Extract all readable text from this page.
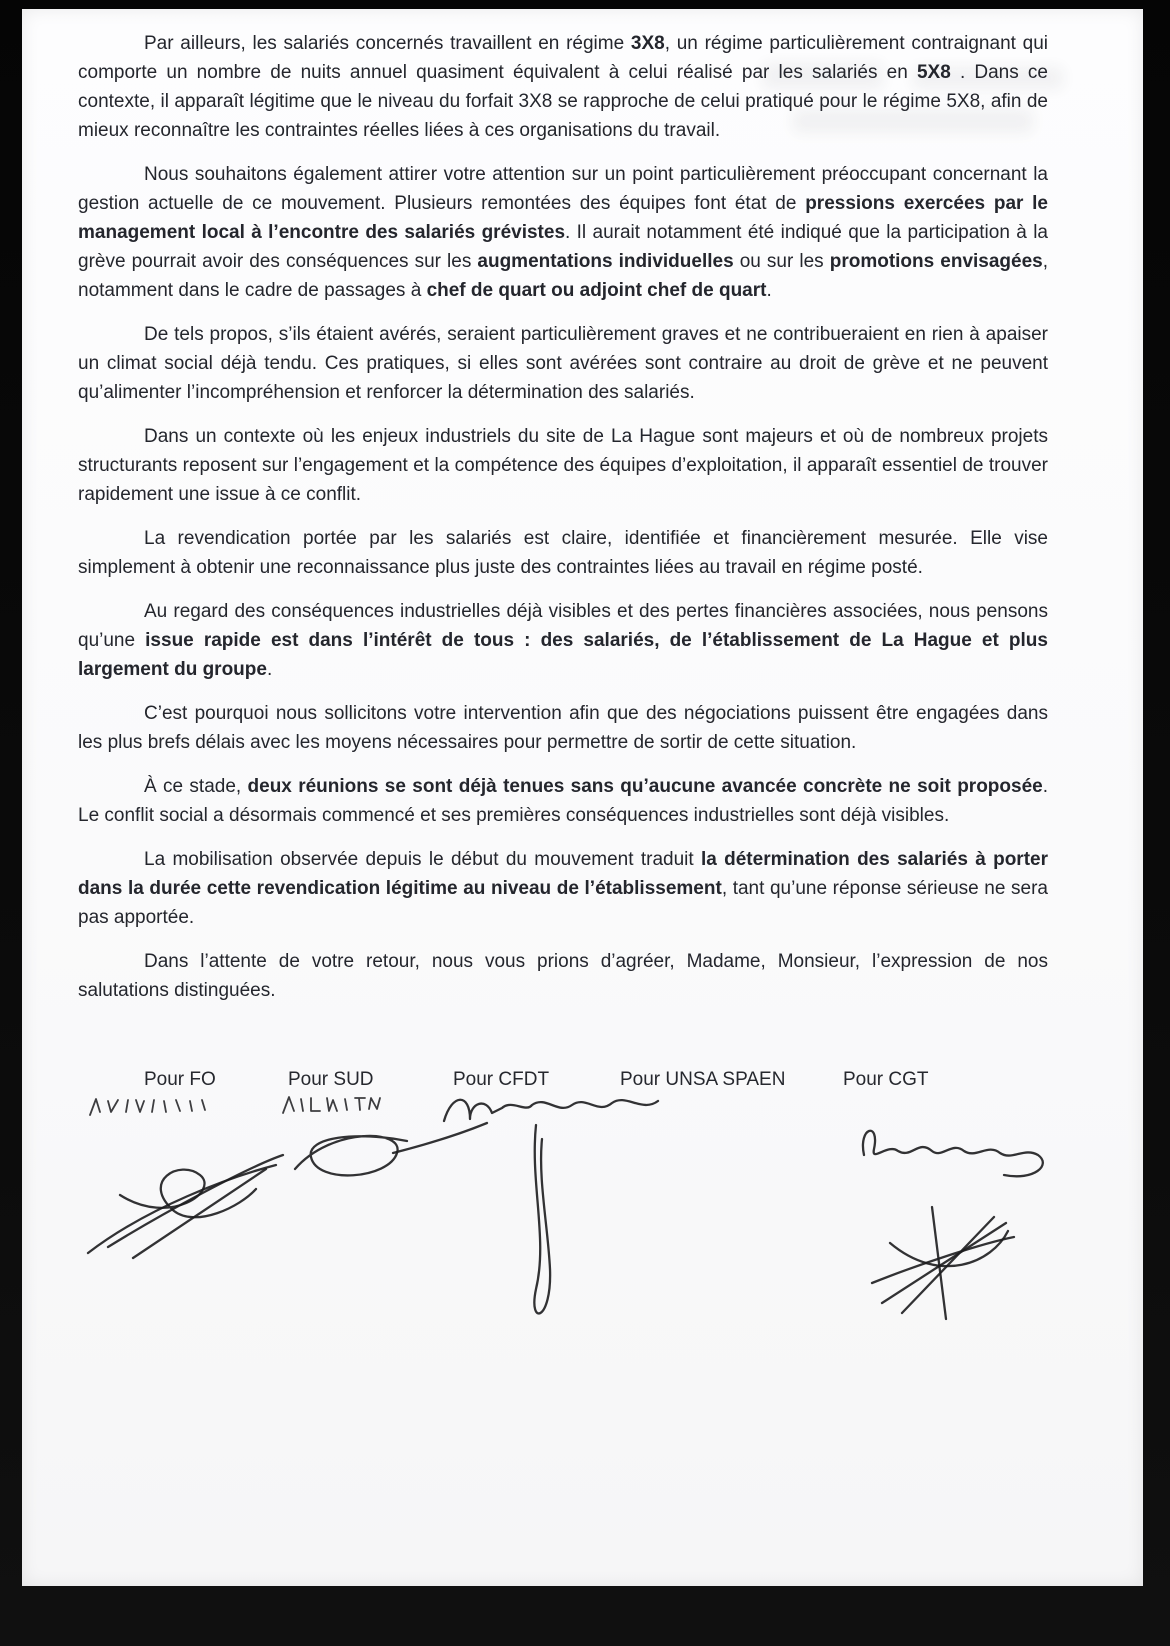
Par ailleurs, les salariés concernés travaillent en régime 3X8, un régime particulièrement contraignant qui comporte un nombre de nuits annuel quasiment équivalent à celui réalisé par les salariés en 5X8 . Dans ce contexte, il apparaît légitime que le niveau du forfait 3X8 se rapproche de celui pratiqué pour le régime 5X8, afin de mieux reconnaître les contraintes réelles liées à ces organisations du travail.

Nous souhaitons également attirer votre attention sur un point particulièrement préoccupant concernant la gestion actuelle de ce mouvement. Plusieurs remontées des équipes font état de pressions exercées par le management local à l’encontre des salariés grévistes. Il aurait notamment été indiqué que la participation à la grève pourrait avoir des conséquences sur les augmentations individuelles ou sur les promotions envisagées, notamment dans le cadre de passages à chef de quart ou adjoint chef de quart.

De tels propos, s’ils étaient avérés, seraient particulièrement graves et ne contribueraient en rien à apaiser un climat social déjà tendu. Ces pratiques, si elles sont avérées sont contraire au droit de grève et ne peuvent qu’alimenter l’incompréhension et renforcer la détermination des salariés.

Dans un contexte où les enjeux industriels du site de La Hague sont majeurs et où de nombreux projets structurants reposent sur l’engagement et la compétence des équipes d’exploitation, il apparaît essentiel de trouver rapidement une issue à ce conflit.

La revendication portée par les salariés est claire, identifiée et financièrement mesurée. Elle vise simplement à obtenir une reconnaissance plus juste des contraintes liées au travail en régime posté.

Au regard des conséquences industrielles déjà visibles et des pertes financières associées, nous pensons qu’une issue rapide est dans l’intérêt de tous : des salariés, de l’établissement de La Hague et plus largement du groupe.

C’est pourquoi nous sollicitons votre intervention afin que des négociations puissent être engagées dans les plus brefs délais avec les moyens nécessaires pour permettre de sortir de cette situation.

À ce stade, deux réunions se sont déjà tenues sans qu’aucune avancée concrète ne soit proposée. Le conflit social a désormais commencé et ses premières conséquences industrielles sont déjà visibles.

La mobilisation observée depuis le début du mouvement traduit la détermination des salariés à porter dans la durée cette revendication légitime au niveau de l’établissement, tant qu’une réponse sérieuse ne sera pas apportée.

Dans l’attente de votre retour, nous vous prions d’agréer, Madame, Monsieur, l’expression de nos salutations distinguées.

Pour FO	Pour SUD	Pour CFDT	Pour UNSA SPAEN	Pour CGT
